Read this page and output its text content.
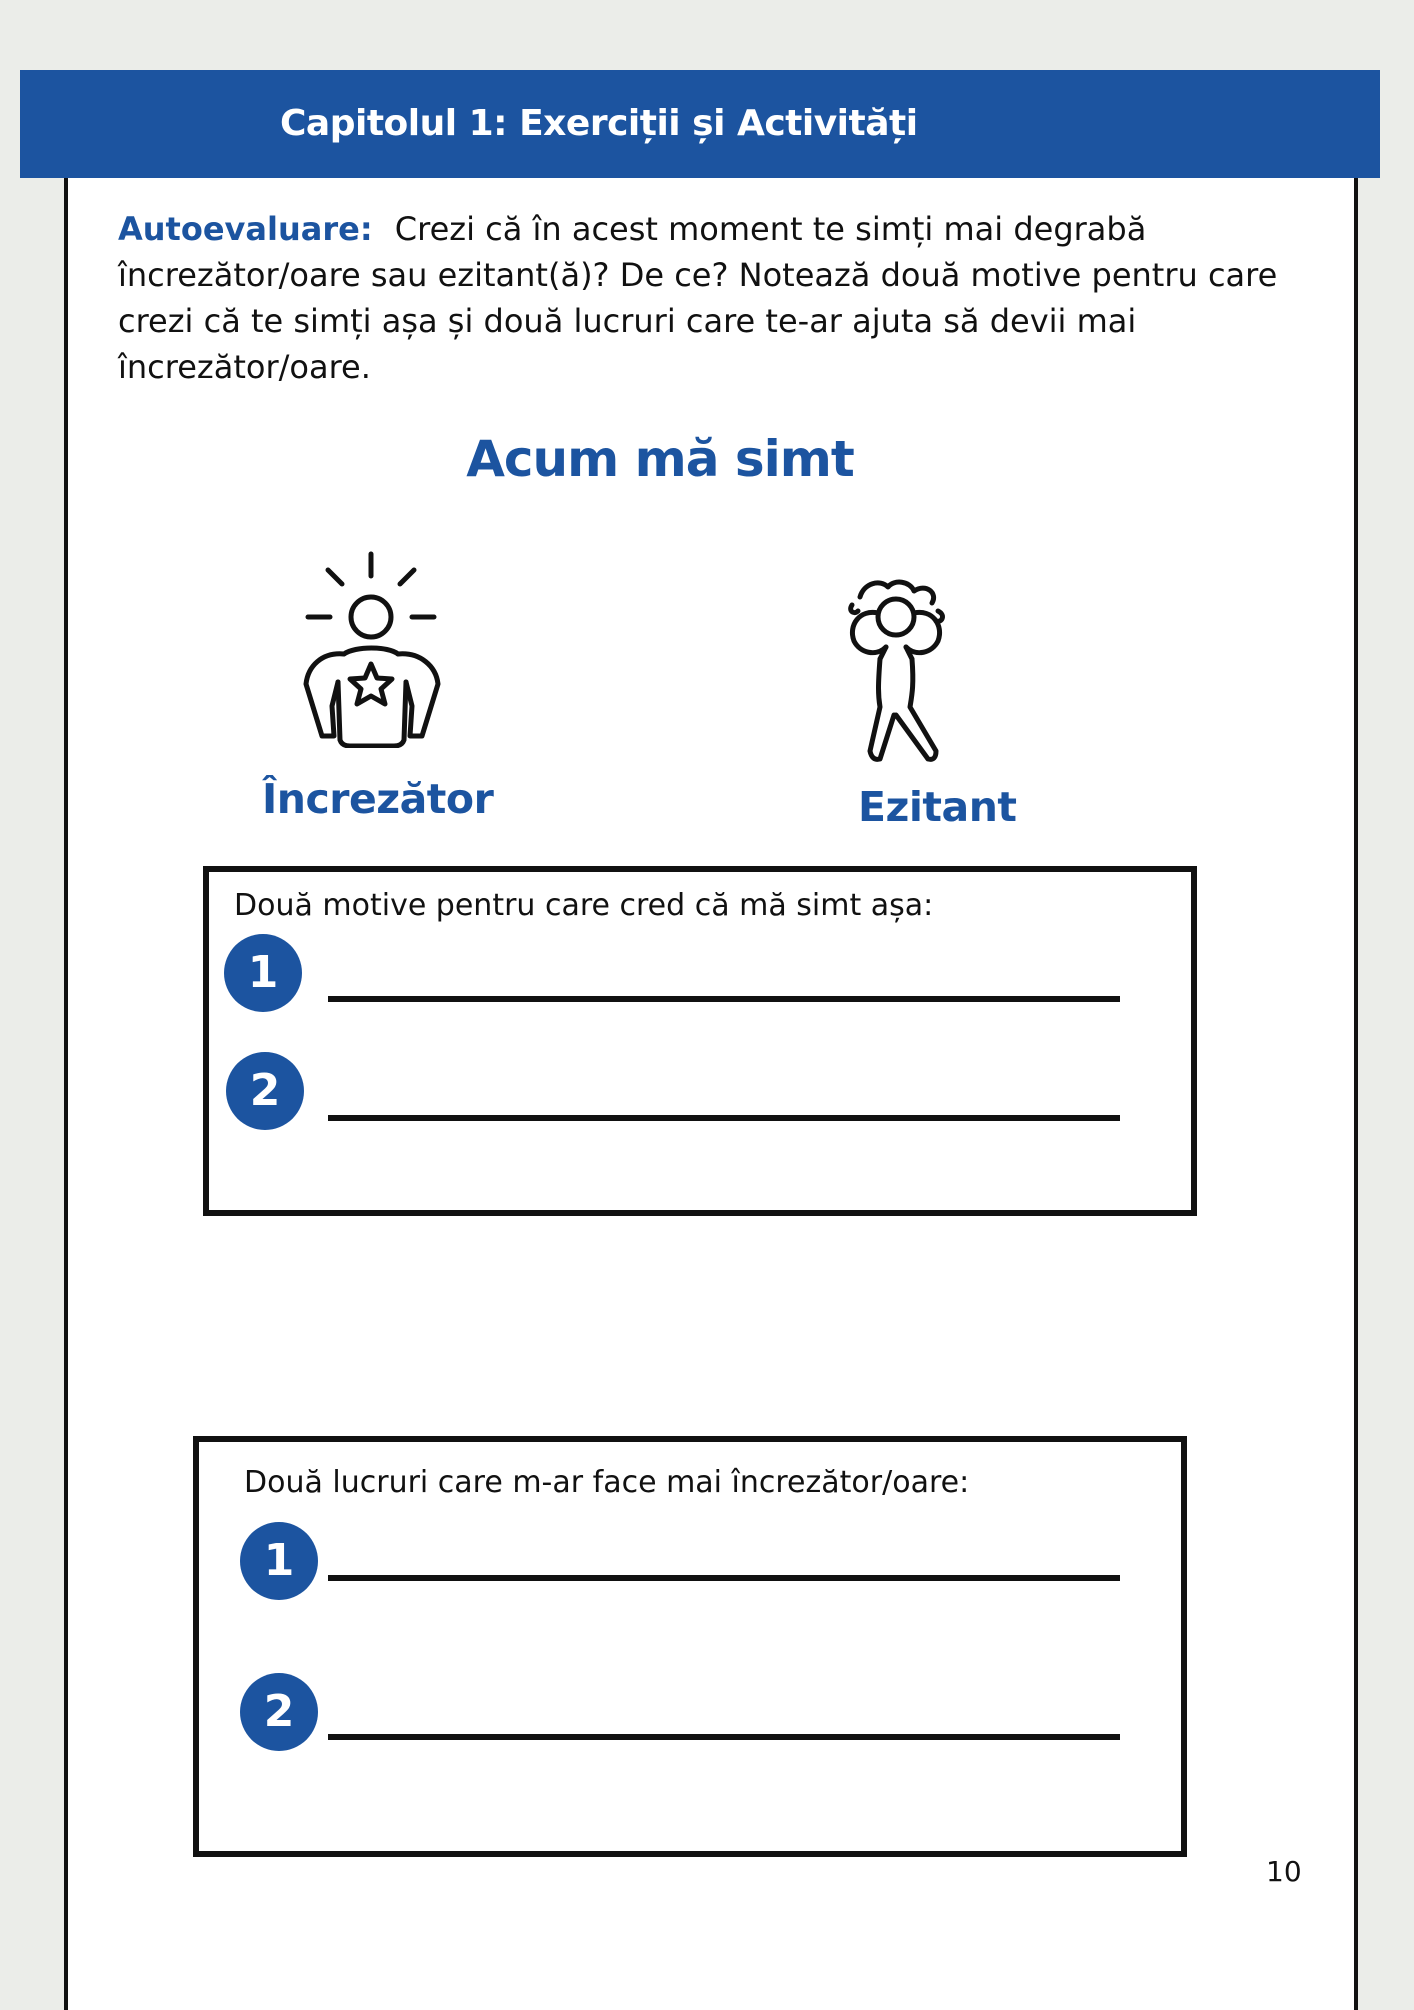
Capitolul 1: Exerciții și Activități
Autoevaluare: Crezi că în acest moment te simți mai degrabă încrezător/oare sau ezitant(ă)? De ce? Notează două motive pentru care crezi că te simți așa și două lucruri care te-ar ajuta să devii mai încrezător/oare.
Acum mă simt
Încrezător	Ezitant
Două motive pentru care cred că mă simt așa:
1
2
Două lucruri care m-ar face mai încrezător/oare:
1
2
10
